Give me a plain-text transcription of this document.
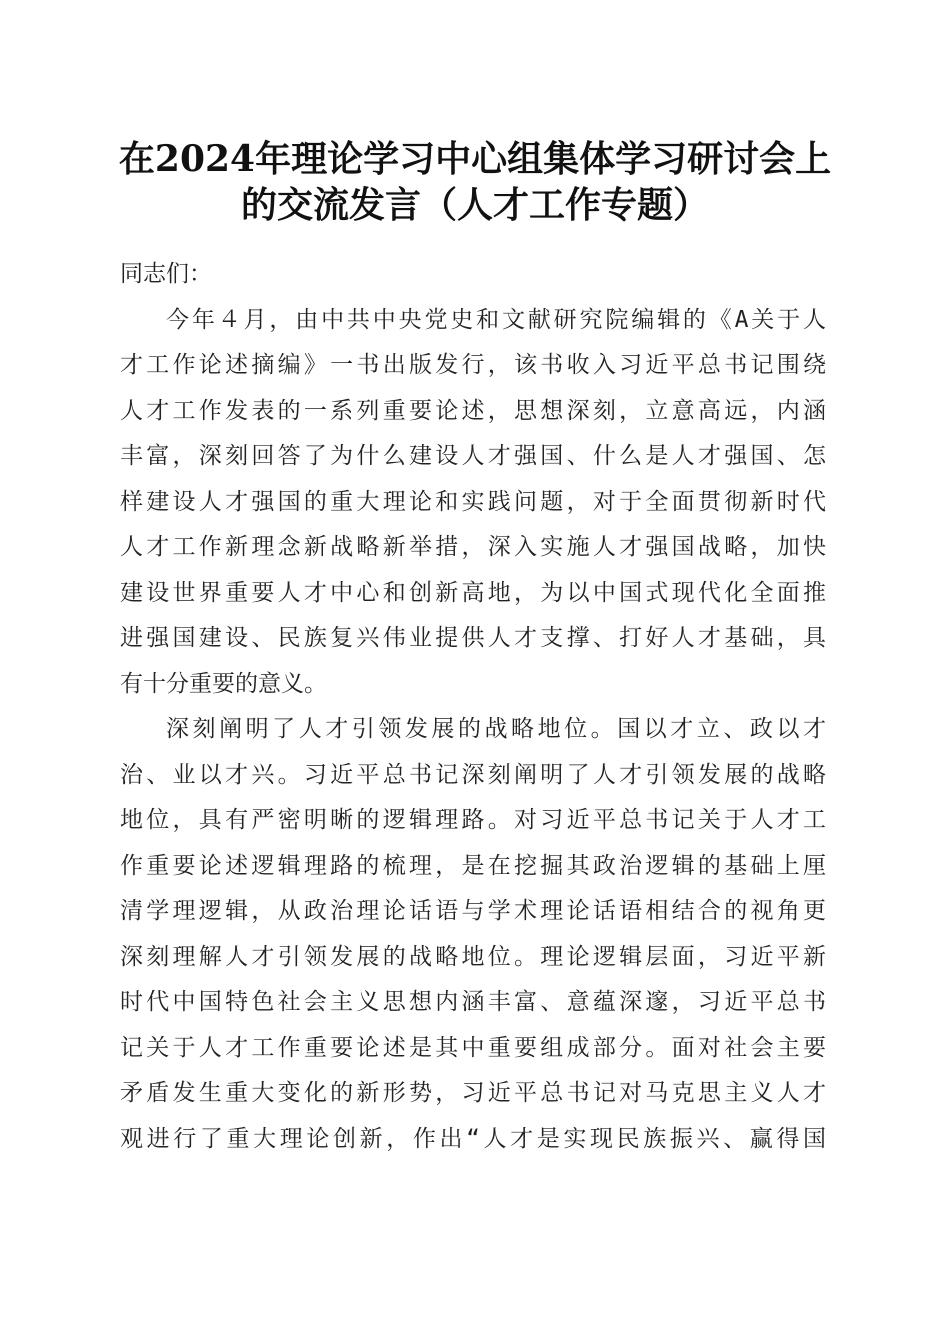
在2024年理论学习中心组集体学习研讨会上
的交流发言（人才工作专题）
同志们：
今年４月，由中共中央党史和文献研究院编辑的《A关于人
才工作论述摘编》一书出版发行，该书收入习近平总书记围绕
人才工作发表的一系列重要论述，思想深刻，立意高远，内涵
丰富，深刻回答了为什么建设人才强国、什么是人才强国、怎
样建设人才强国的重大理论和实践问题，对于全面贯彻新时代
人才工作新理念新战略新举措，深入实施人才强国战略，加快
建设世界重要人才中心和创新高地，为以中国式现代化全面推
进强国建设、民族复兴伟业提供人才支撑、打好人才基础，具
有十分重要的意义。
深刻阐明了人才引领发展的战略地位。国以才立、政以才
治、业以才兴。习近平总书记深刻阐明了人才引领发展的战略
地位，具有严密明晰的逻辑理路。对习近平总书记关于人才工
作重要论述逻辑理路的梳理，是在挖掘其政治逻辑的基础上厘
清学理逻辑，从政治理论话语与学术理论话语相结合的视角更
深刻理解人才引领发展的战略地位。理论逻辑层面，习近平新
时代中国特色社会主义思想内涵丰富、意蕴深邃，习近平总书
记关于人才工作重要论述是其中重要组成部分。面对社会主要
矛盾发生重大变化的新形势，习近平总书记对马克思主义人才
观进行了重大理论创新，作出“人才是实现民族振兴、赢得国
